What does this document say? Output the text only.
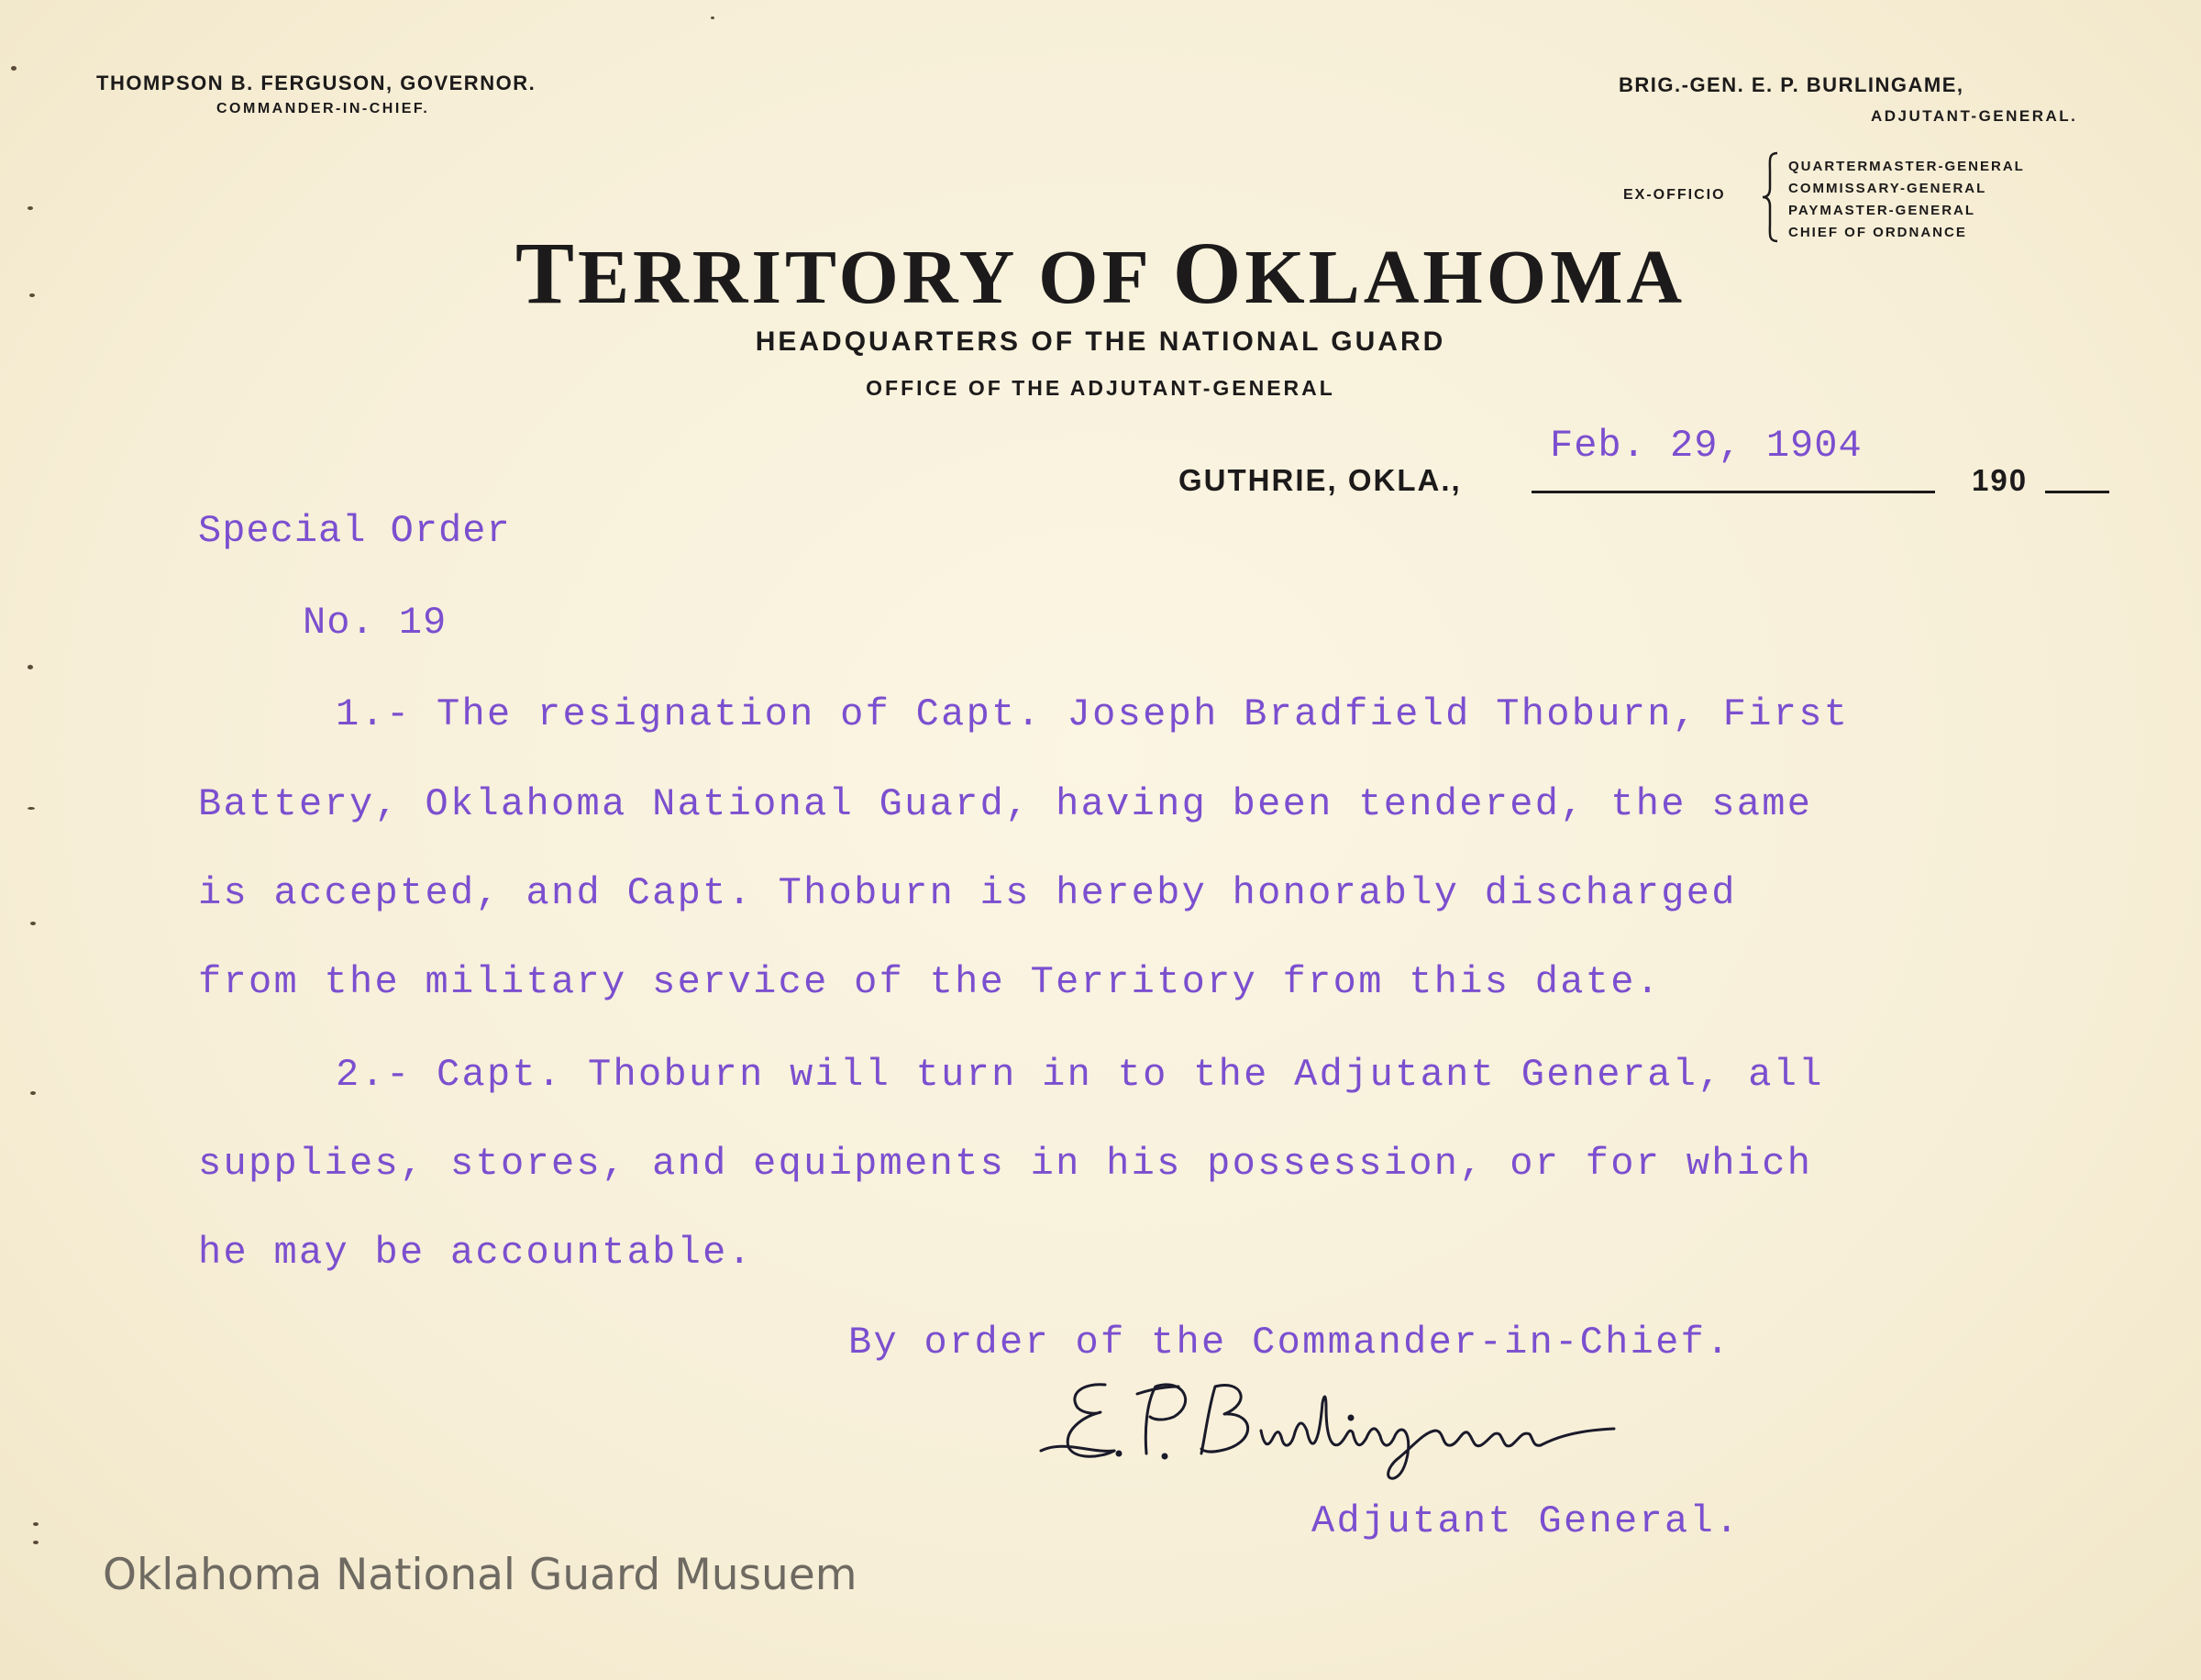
THOMPSON B. FERGUSON, GOVERNOR.
COMMANDER-IN-CHIEF.
BRIG.-GEN. E. P. BURLINGAME,
ADJUTANT-GENERAL.
EX-OFFICIO
QUARTERMASTER-GENERAL
COMMISSARY-GENERAL
PAYMASTER-GENERAL
CHIEF OF ORDNANCE
TERRITORY OF OKLAHOMA
HEADQUARTERS OF THE NATIONAL GUARD
OFFICE OF THE ADJUTANT-GENERAL
Feb. 29, 1904
GUTHRIE, OKLA.,	190
Special Order
No. 19
1.- The resignation of Capt. Joseph Bradfield Thoburn, First
Battery, Oklahoma National Guard, having been tendered, the same
is accepted, and Capt. Thoburn is hereby honorably discharged
from the military service of the Territory from this date.
2.- Capt. Thoburn will turn in to the Adjutant General, all
supplies, stores, and equipments in his possession, or for which
he may be accountable.
By order of the Commander-in-Chief.
Adjutant General.
Oklahoma National Guard Musuem
